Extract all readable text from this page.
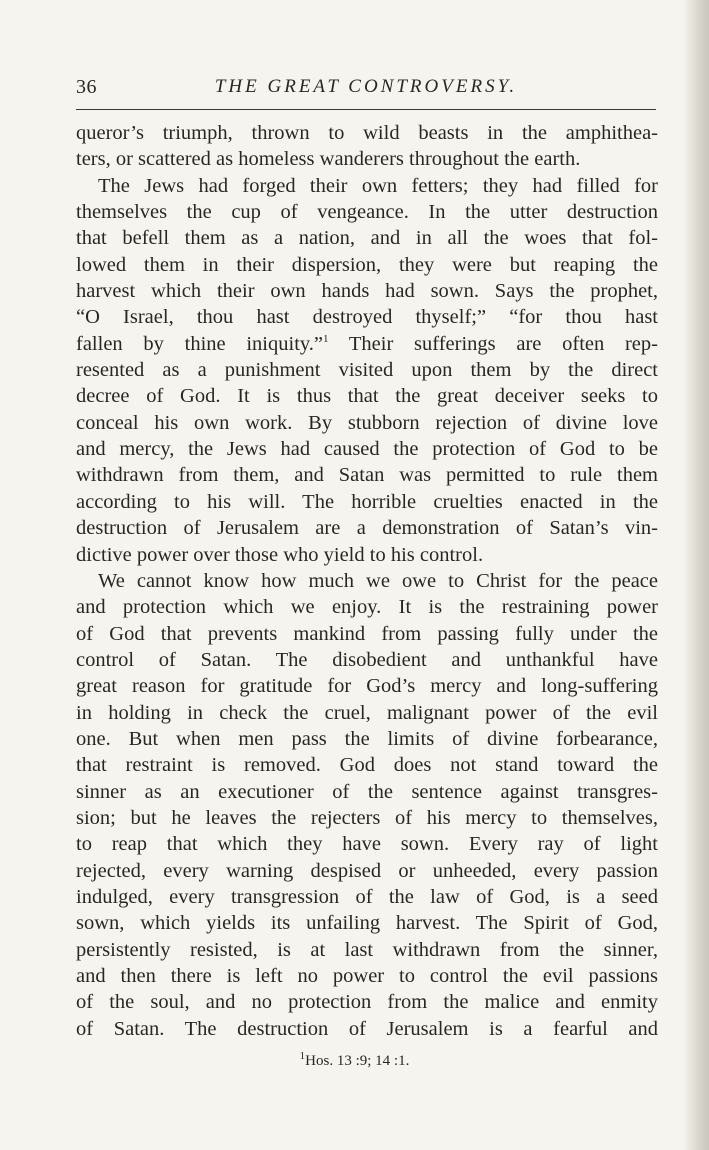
36	THE GREAT CONTROVERSY.
queror’s triumph, thrown to wild beasts in the amphithea-
ters, or scattered as homeless wanderers throughout the earth.
The Jews had forged their own fetters; they had filled for
themselves the cup of vengeance. In the utter destruction
that befell them as a nation, and in all the woes that fol-
lowed them in their dispersion, they were but reaping the
harvest which their own hands had sown. Says the prophet,
“O Israel, thou hast destroyed thyself;” “for thou hast
fallen by thine iniquity.”$^1$ Their sufferings are often rep-
resented as a punishment visited upon them by the direct
decree of God. It is thus that the great deceiver seeks to
conceal his own work. By stubborn rejection of divine love
and mercy, the Jews had caused the protection of God to be
withdrawn from them, and Satan was permitted to rule them
according to his will. The horrible cruelties enacted in the
destruction of Jerusalem are a demonstration of Satan’s vin-
dictive power over those who yield to his control.
We cannot know how much we owe to Christ for the peace
and protection which we enjoy. It is the restraining power
of God that prevents mankind from passing fully under the
control of Satan. The disobedient and unthankful have
great reason for gratitude for God’s mercy and long-suffering
in holding in check the cruel, malignant power of the evil
one. But when men pass the limits of divine forbearance,
that restraint is removed. God does not stand toward the
sinner as an executioner of the sentence against transgres-
sion; but he leaves the rejecters of his mercy to themselves,
to reap that which they have sown. Every ray of light
rejected, every warning despised or unheeded, every passion
indulged, every transgression of the law of God, is a seed
sown, which yields its unfailing harvest. The Spirit of God,
persistently resisted, is at last withdrawn from the sinner,
and then there is left no power to control the evil passions
of the soul, and no protection from the malice and enmity
of Satan. The destruction of Jerusalem is a fearful and
$^1$Hos. 13 :9; 14 :1.
